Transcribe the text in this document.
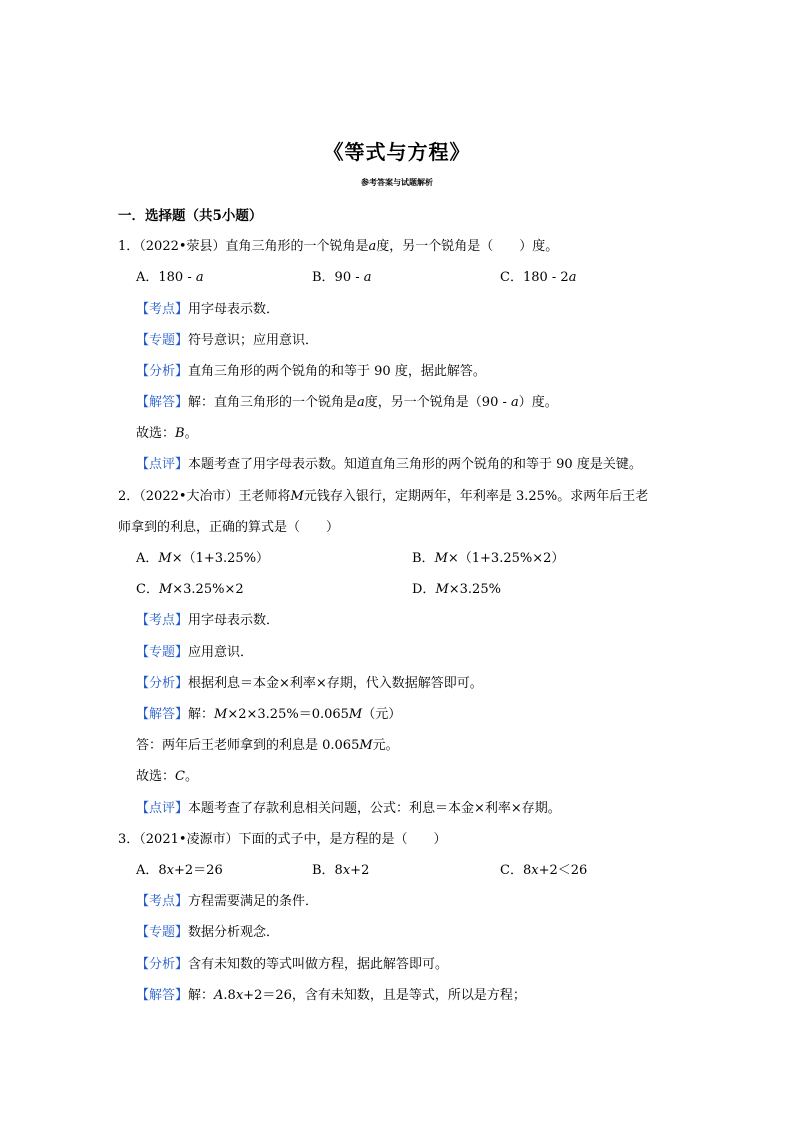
《等式与方程》
参考答案与试题解析
一．选择题（共5小题）
1．（2022•荥县）直角三角形的一个锐角是a度，另一个锐角是（　　）度。
A．180 - a	B．90 - a	C．180 - 2a
【考点】用字母表示数．
【专题】符号意识；应用意识．
【分析】直角三角形的两个锐角的和等于 90 度，据此解答。
【解答】解：直角三角形的一个锐角是a度，另一个锐角是（90 - a）度。
故选：B。
【点评】本题考查了用字母表示数。知道直角三角形的两个锐角的和等于 90 度是关键。
2．（2022•大冶市）王老师将M元钱存入银行，定期两年，年利率是 3.25%。求两年后王老
师拿到的利息，正确的算式是（　　）
A．M×（1+3.25%）	B．M×（1+3.25%×2）
C．M×3.25%×2	D．M×3.25%
【考点】用字母表示数．
【专题】应用意识．
【分析】根据利息＝本金×利率×存期，代入数据解答即可。
【解答】解：M×2×3.25%＝0.065M（元）
答：两年后王老师拿到的利息是 0.065M元。
故选：C。
【点评】本题考查了存款利息相关问题，公式：利息＝本金×利率×存期。
3．（2021•凌源市）下面的式子中，是方程的是（　　）
A．8x+2＝26	B．8x+2	C．8x+2＜26
【考点】方程需要满足的条件．
【专题】数据分析观念．
【分析】含有未知数的等式叫做方程，据此解答即可。
【解答】解：A.8x+2＝26，含有未知数，且是等式，所以是方程；
